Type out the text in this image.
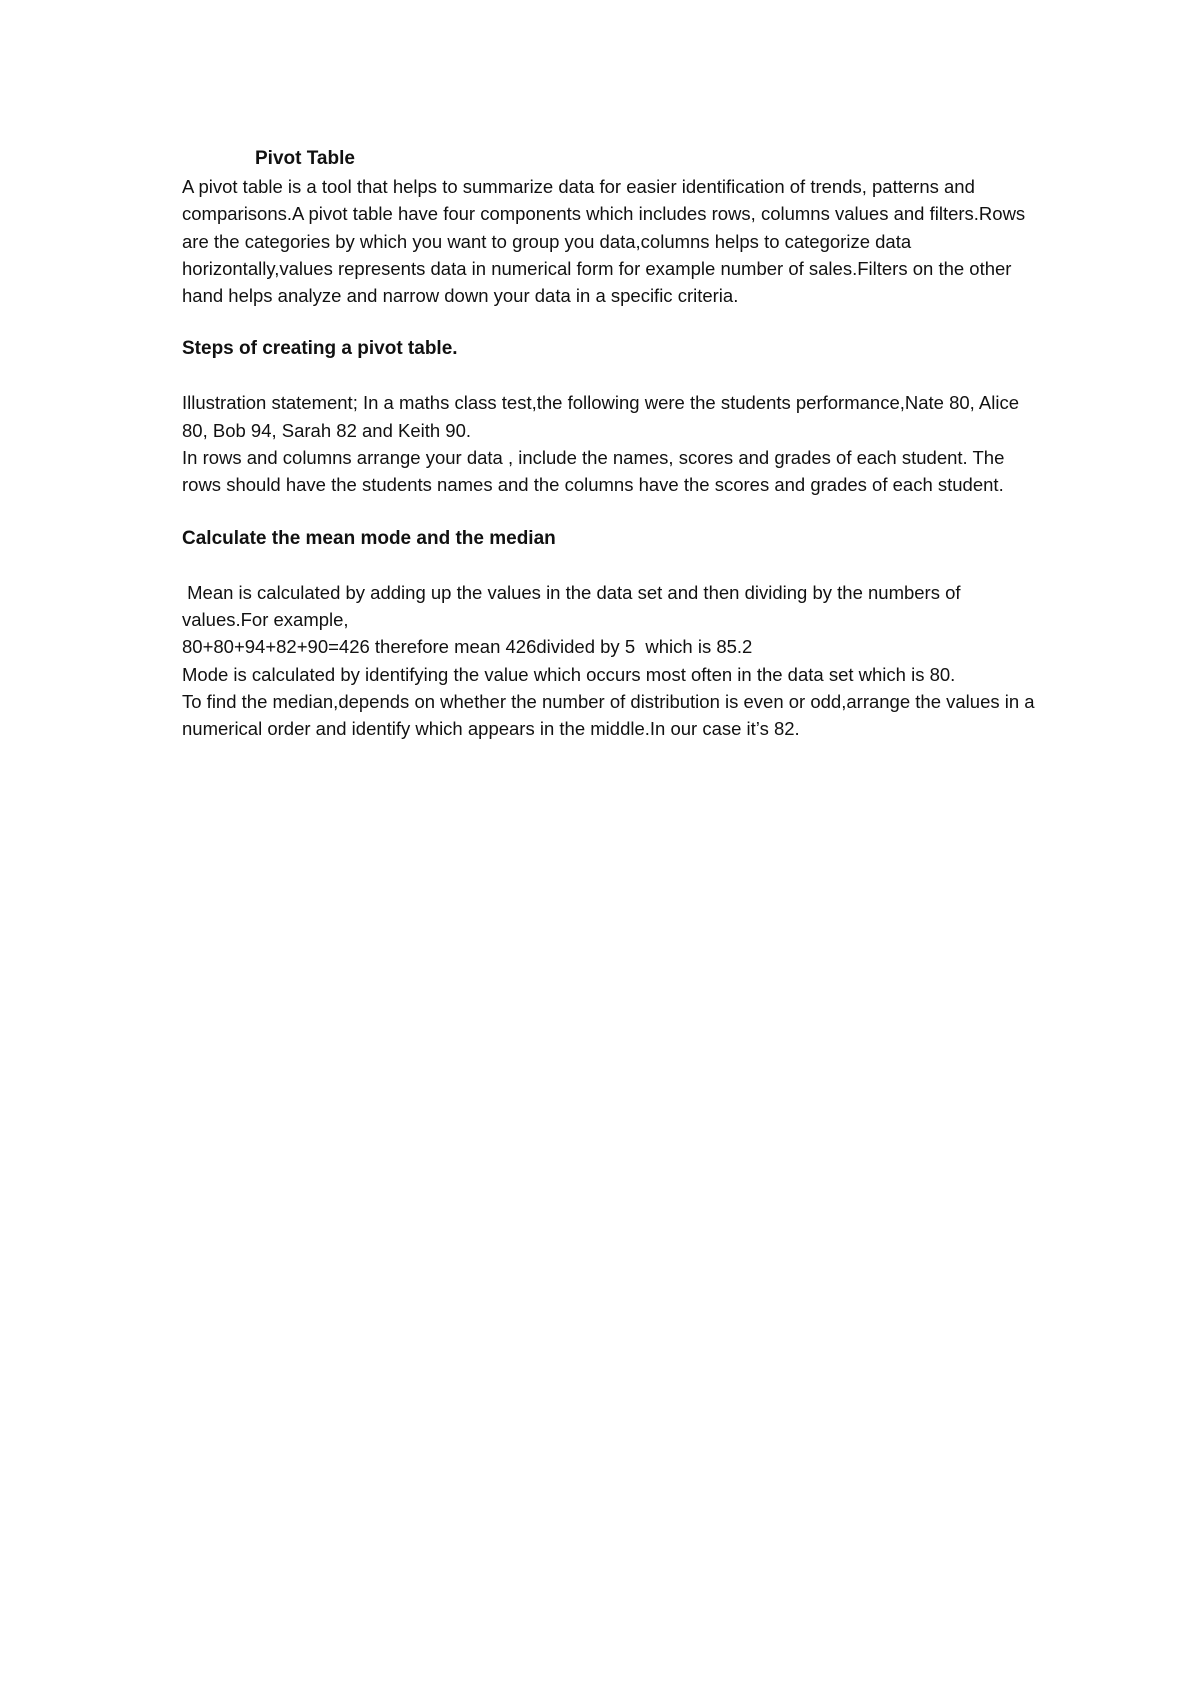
Pivot Table

A pivot table is a tool that helps to summarize data for easier identification of trends, patterns and comparisons.A pivot table have four components which includes rows, columns values and filters.Rows are the categories by which you want to group you data,columns helps to categorize data horizontally,values represents data in numerical form for example number of sales.Filters on the other hand helps analyze and narrow down your data in a specific criteria.

Steps of creating a pivot table.

Illustration statement; In a maths class test,the following were the students performance,Nate 80, Alice 80, Bob 94, Sarah 82 and Keith 90.

In rows and columns arrange your data , include the names, scores and grades of each student. The rows should have the students names and the columns have the scores and grades of each student.

Calculate the mean mode and the median

Mean is calculated by adding up the values in the data set and then dividing by the numbers of values.For example,

80+80+94+82+90=426 therefore mean 426divided by 5  which is 85.2

Mode is calculated by identifying the value which occurs most often in the data set which is 80.

To find the median,depends on whether the number of distribution is even or odd,arrange the values in a numerical order and identify which appears in the middle.In our case it’s 82.
